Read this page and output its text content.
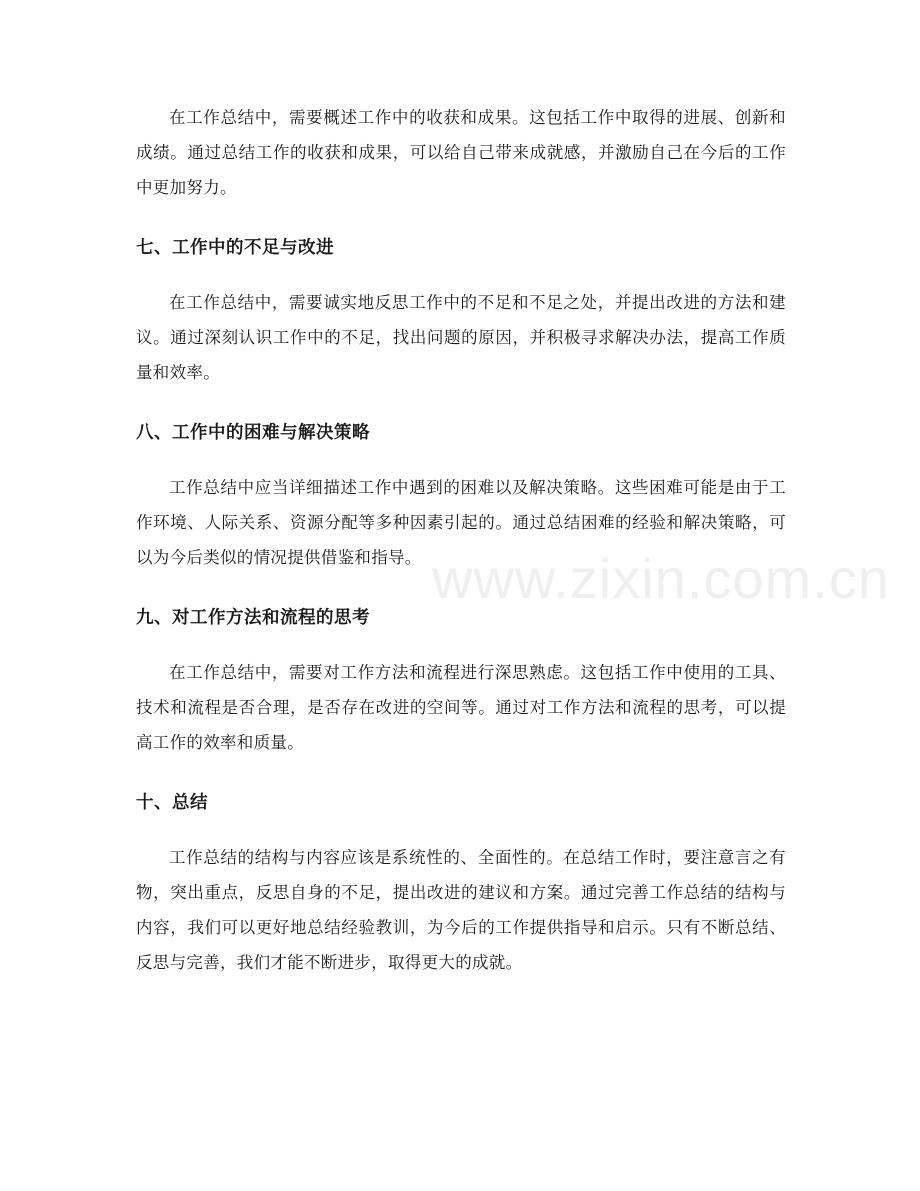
在工作总结中，需要概述工作中的收获和成果。这包括工作中取得的进展、创新和成绩。通过总结工作的收获和成果，可以给自己带来成就感，并激励自己在今后的工作中更加努力。

七、工作中的不足与改进

在工作总结中，需要诚实地反思工作中的不足和不足之处，并提出改进的方法和建议。通过深刻认识工作中的不足，找出问题的原因，并积极寻求解决办法，提高工作质量和效率。

八、工作中的困难与解决策略

工作总结中应当详细描述工作中遇到的困难以及解决策略。这些困难可能是由于工作环境、人际关系、资源分配等多种因素引起的。通过总结困难的经验和解决策略，可以为今后类似的情况提供借鉴和指导。

九、对工作方法和流程的思考

在工作总结中，需要对工作方法和流程进行深思熟虑。这包括工作中使用的工具、技术和流程是否合理，是否存在改进的空间等。通过对工作方法和流程的思考，可以提高工作的效率和质量。

十、总结

工作总结的结构与内容应该是系统性的、全面性的。在总结工作时，要注意言之有物，突出重点，反思自身的不足，提出改进的建议和方案。通过完善工作总结的结构与内容，我们可以更好地总结经验教训，为今后的工作提供指导和启示。只有不断总结、反思与完善，我们才能不断进步，取得更大的成就。

www.zixin.com.cn
